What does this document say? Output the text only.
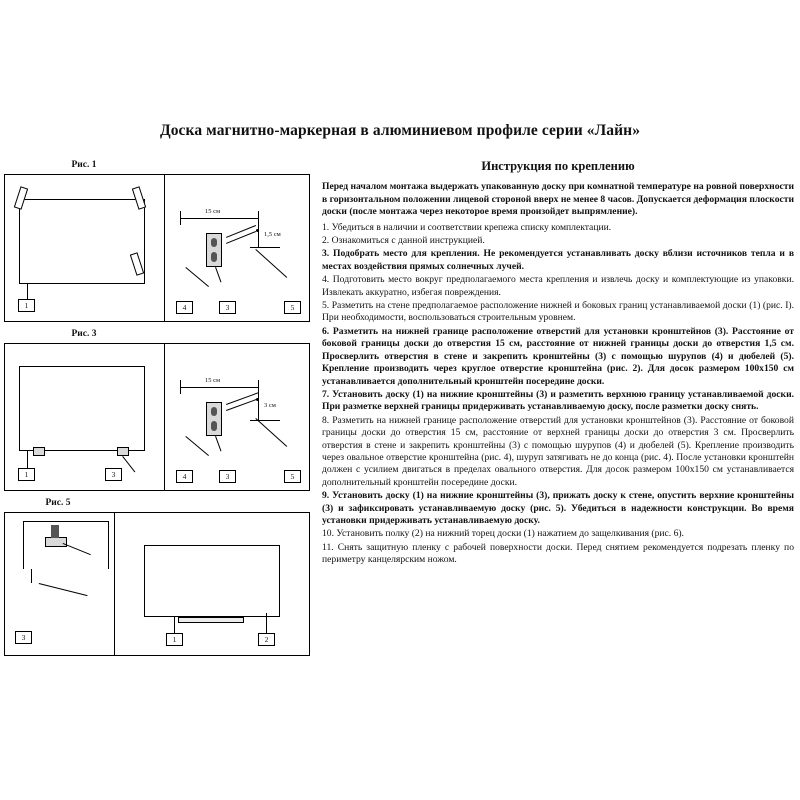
Доска магнитно-маркерная в алюминиевом профиле серии «Лайн»
Рис. 1
1
15 см
1,5 см
4	3	5
Рис. 3
1	3
15 см
3 см
4	3	5
Рис. 5
3	1	2
Инструкция по креплению
Перед началом монтажа выдержать упакованную доску при комнатной температуре на ровной поверхности в горизонтальном положении лицевой стороной вверх не менее 8 часов. Допускается деформация плоскости доски (после монтажа через некоторое время произойдет выпрямление).
1. Убедиться в наличии и соответствии крепежа списку комплектации.
2. Ознакомиться с данной инструкцией.
3. Подобрать место для крепления. Не рекомендуется устанавливать доску вблизи источников тепла и в местах воздействия прямых солнечных лучей.
4. Подготовить место вокруг предполагаемого места крепления и извлечь доску и комплектующие из упаковки. Извлекать аккуратно, избегая повреждения.
5. Разметить на стене предполагаемое расположение нижней и боковых границ устанавливаемой доски (1) (рис. I). При необходимости, воспользоваться строительным уровнем.
6. Разметить на нижней границе расположение отверстий для установки кронштейнов (3). Расстояние от боковой границы доски до отверстия 15 см, расстояние от нижней границы доски до отверстия 1,5 см. Просверлить отверстия в стене и закрепить кронштейны (3) с помощью шурупов (4) и дюбелей (5). Крепление производить через круглое отверстие кронштейна (рис. 2). Для досок размером 100х150 см устанавливается дополнительный кронштейн посередине доски.
7. Установить доску (1) на нижние кронштейны (3) и разметить верхнюю границу устанавливаемой доски. При разметке верхней границы придерживать устанавливаемую доску, после разметки доску снять.
8. Разметить на нижней границе расположение отверстий для установки кронштейнов (3). Расстояние от боковой границы доски до отверстия 15 см, расстояние от верхней границы доски до отверстия 3 см. Просверлить отверстия в стене и закрепить кронштейны (3) с помощью шурупов (4) и дюбелей (5). Крепление производить через овальное отверстие кронштейна (рис. 4), шуруп затягивать не до конца (рис. 4). После установки кронштейн должен с усилием двигаться в пределах овального отверстия. Для досок размером 100х150 см устанавливается дополнительный кронштейн посередине доски.
9. Установить доску (1) на нижние кронштейны (3), прижать доску к стене, опустить верхние кронштейны (3) и зафиксировать устанавливаемую доску (рис. 5). Убедиться в надежности конструкции. Во время установки придерживать устанавливаемую доску.
10. Установить полку (2) на нижний торец доски (1) нажатием до защелкивания (рис. 6).
11. Снять защитную пленку с рабочей поверхности доски. Перед снятием рекомендуется подрезать пленку по периметру канцелярским ножом.
